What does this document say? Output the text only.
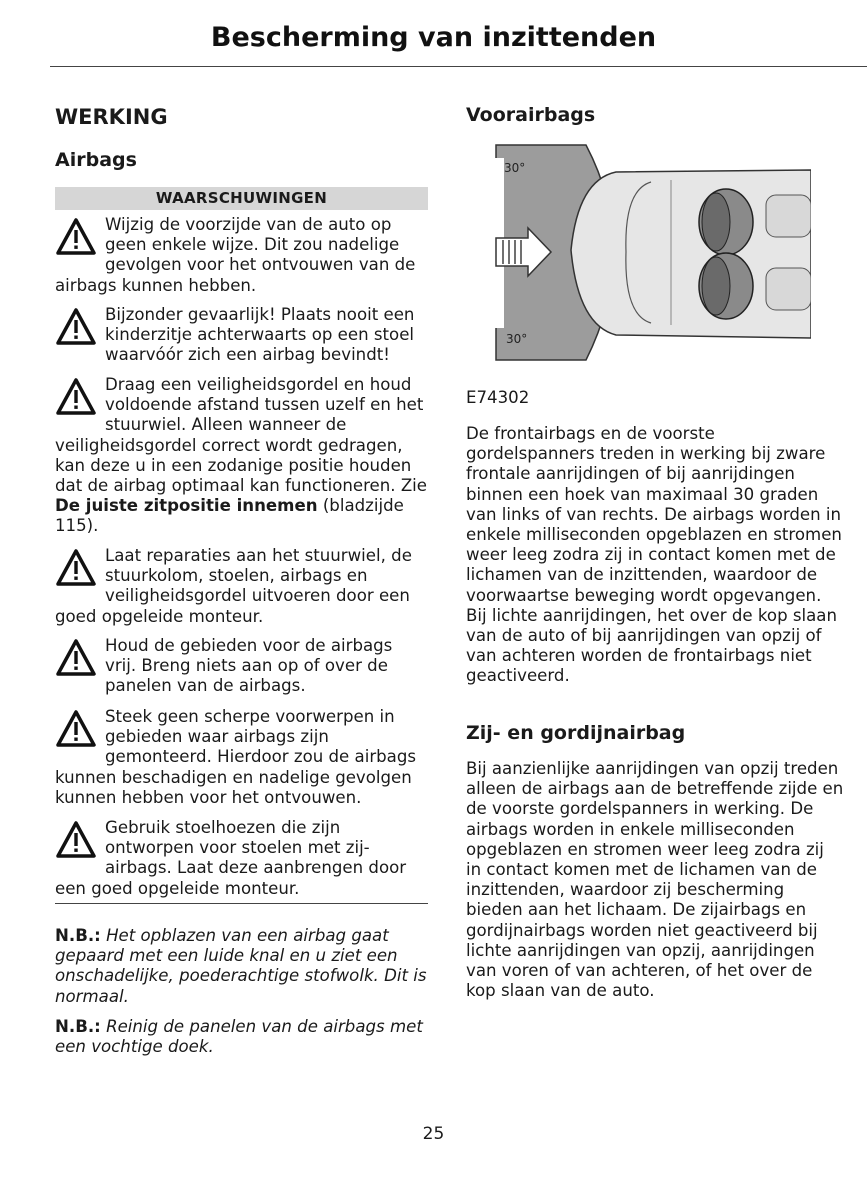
Bescherming van inzittenden
WERKING
Airbags
WAARSCHUWINGEN

Wijzig de voorzijde van de auto op geen enkele wijze. Dit zou nadelige gevolgen voor het ontvouwen van de airbags kunnen hebben.

Bijzonder gevaarlijk! Plaats nooit een kinderzitje achterwaarts op een stoel waarvóór zich een airbag bevindt!

Draag een veiligheidsgordel en houd voldoende afstand tussen uzelf en het stuurwiel. Alleen wanneer de veiligheidsgordel correct wordt gedragen, kan deze u in een zodanige positie houden dat de airbag optimaal kan functioneren. Zie De juiste zitpositie innemen (bladzijde 115).

Laat reparaties aan het stuurwiel, de stuurkolom, stoelen, airbags en veiligheidsgordel uitvoeren door een goed opgeleide monteur.

Houd de gebieden voor de airbags vrij. Breng niets aan op of over de panelen van de airbags.

Steek geen scherpe voorwerpen in gebieden waar airbags zijn gemonteerd. Hierdoor zou de airbags kunnen beschadigen en nadelige gevolgen kunnen hebben voor het ontvouwen.

Gebruik stoelhoezen die zijn ontworpen voor stoelen met zij-airbags. Laat deze aanbrengen door een goed opgeleide monteur.

N.B.: Het opblazen van een airbag gaat gepaard met een luide knal en u ziet een onschadelijke, poederachtige stofwolk. Dit is normaal.
N.B.: Reinig de panelen van de airbags met een vochtige doek.
Voorairbags
30°
30°
E74302

De frontairbags en de voorste gordelspanners treden in werking bij zware frontale aanrijdingen of bij aanrijdingen binnen een hoek van maximaal 30 graden van links of van rechts. De airbags worden in enkele milliseconden opgeblazen en stromen weer leeg zodra zij in contact komen met de lichamen van de inzittenden, waardoor de voorwaartse beweging wordt opgevangen. Bij lichte aanrijdingen, het over de kop slaan van de auto of bij aanrijdingen van opzij of van achteren worden de frontairbags niet geactiveerd.

Zij- en gordijnairbag

Bij aanzienlijke aanrijdingen van opzij treden alleen de airbags aan de betreffende zijde en de voorste gordelspanners in werking. De airbags worden in enkele milliseconden opgeblazen en stromen weer leeg zodra zij in contact komen met de lichamen van de inzittenden, waardoor zij bescherming bieden aan het lichaam. De zijairbags en gordijnairbags worden niet geactiveerd bij lichte aanrijdingen van opzij, aanrijdingen van voren of van achteren, of het over de kop slaan van de auto.

25
